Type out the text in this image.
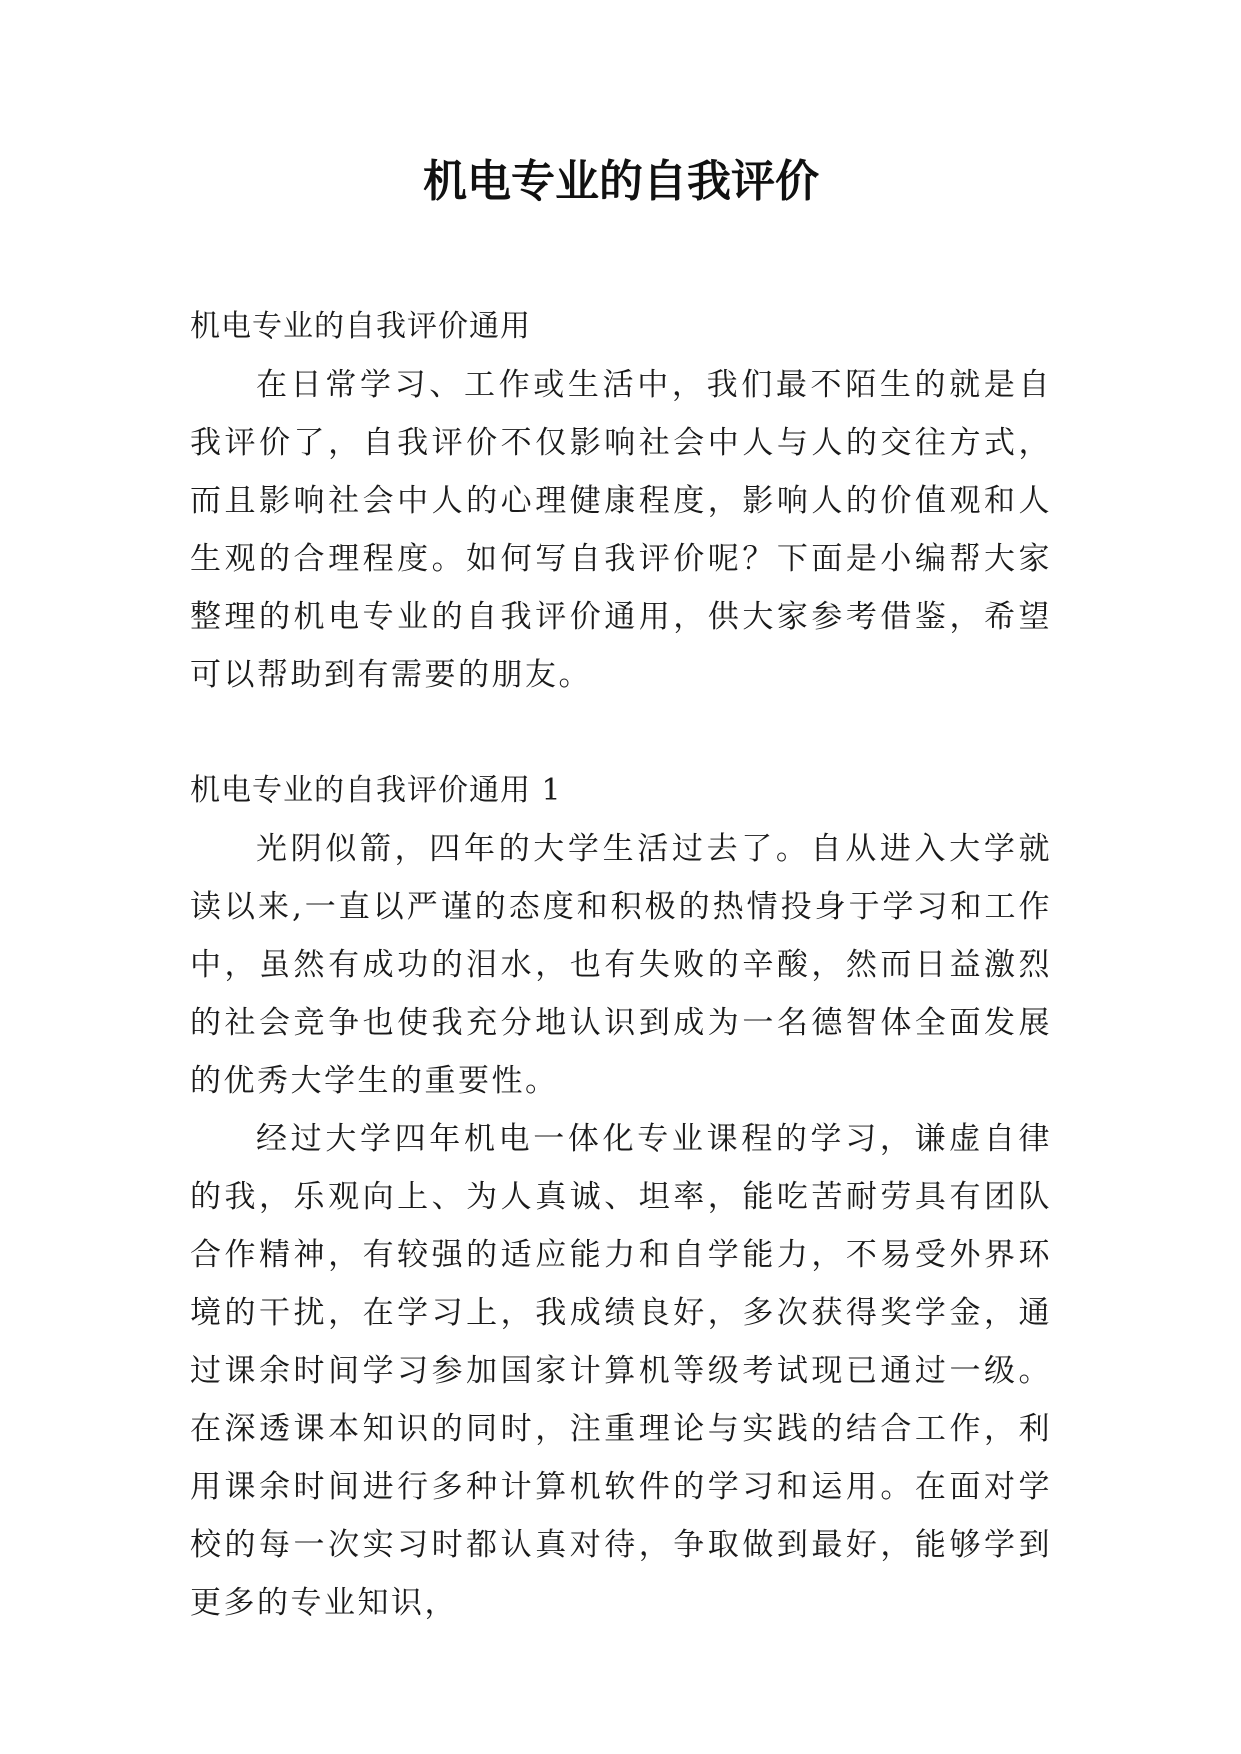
机电专业的自我评价

机电专业的自我评价通用

在日常学习、工作或生活中，我们最不陌生的就是自我评价了，自我评价不仅影响社会中人与人的交往方式，而且影响社会中人的心理健康程度，影响人的价值观和人生观的合理程度。如何写自我评价呢？下面是小编帮大家整理的机电专业的自我评价通用，供大家参考借鉴，希望可以帮助到有需要的朋友。

机电专业的自我评价通用 1

光阴似箭，四年的大学生活过去了。自从进入大学就读以来,一直以严谨的态度和积极的热情投身于学习和工作中，虽然有成功的泪水，也有失败的辛酸，然而日益激烈的社会竞争也使我充分地认识到成为一名德智体全面发展的优秀大学生的重要性。

经过大学四年机电一体化专业课程的学习，谦虚自律的我，乐观向上、为人真诚、坦率，能吃苦耐劳具有团队合作精神，有较强的适应能力和自学能力，不易受外界环境的干扰，在学习上，我成绩良好，多次获得奖学金，通过课余时间学习参加国家计算机等级考试现已通过一级。在深透课本知识的同时，注重理论与实践的结合工作，利用课余时间进行多种计算机软件的学习和运用。在面对学校的每一次实习时都认真对待，争取做到最好，能够学到更多的专业知识，
